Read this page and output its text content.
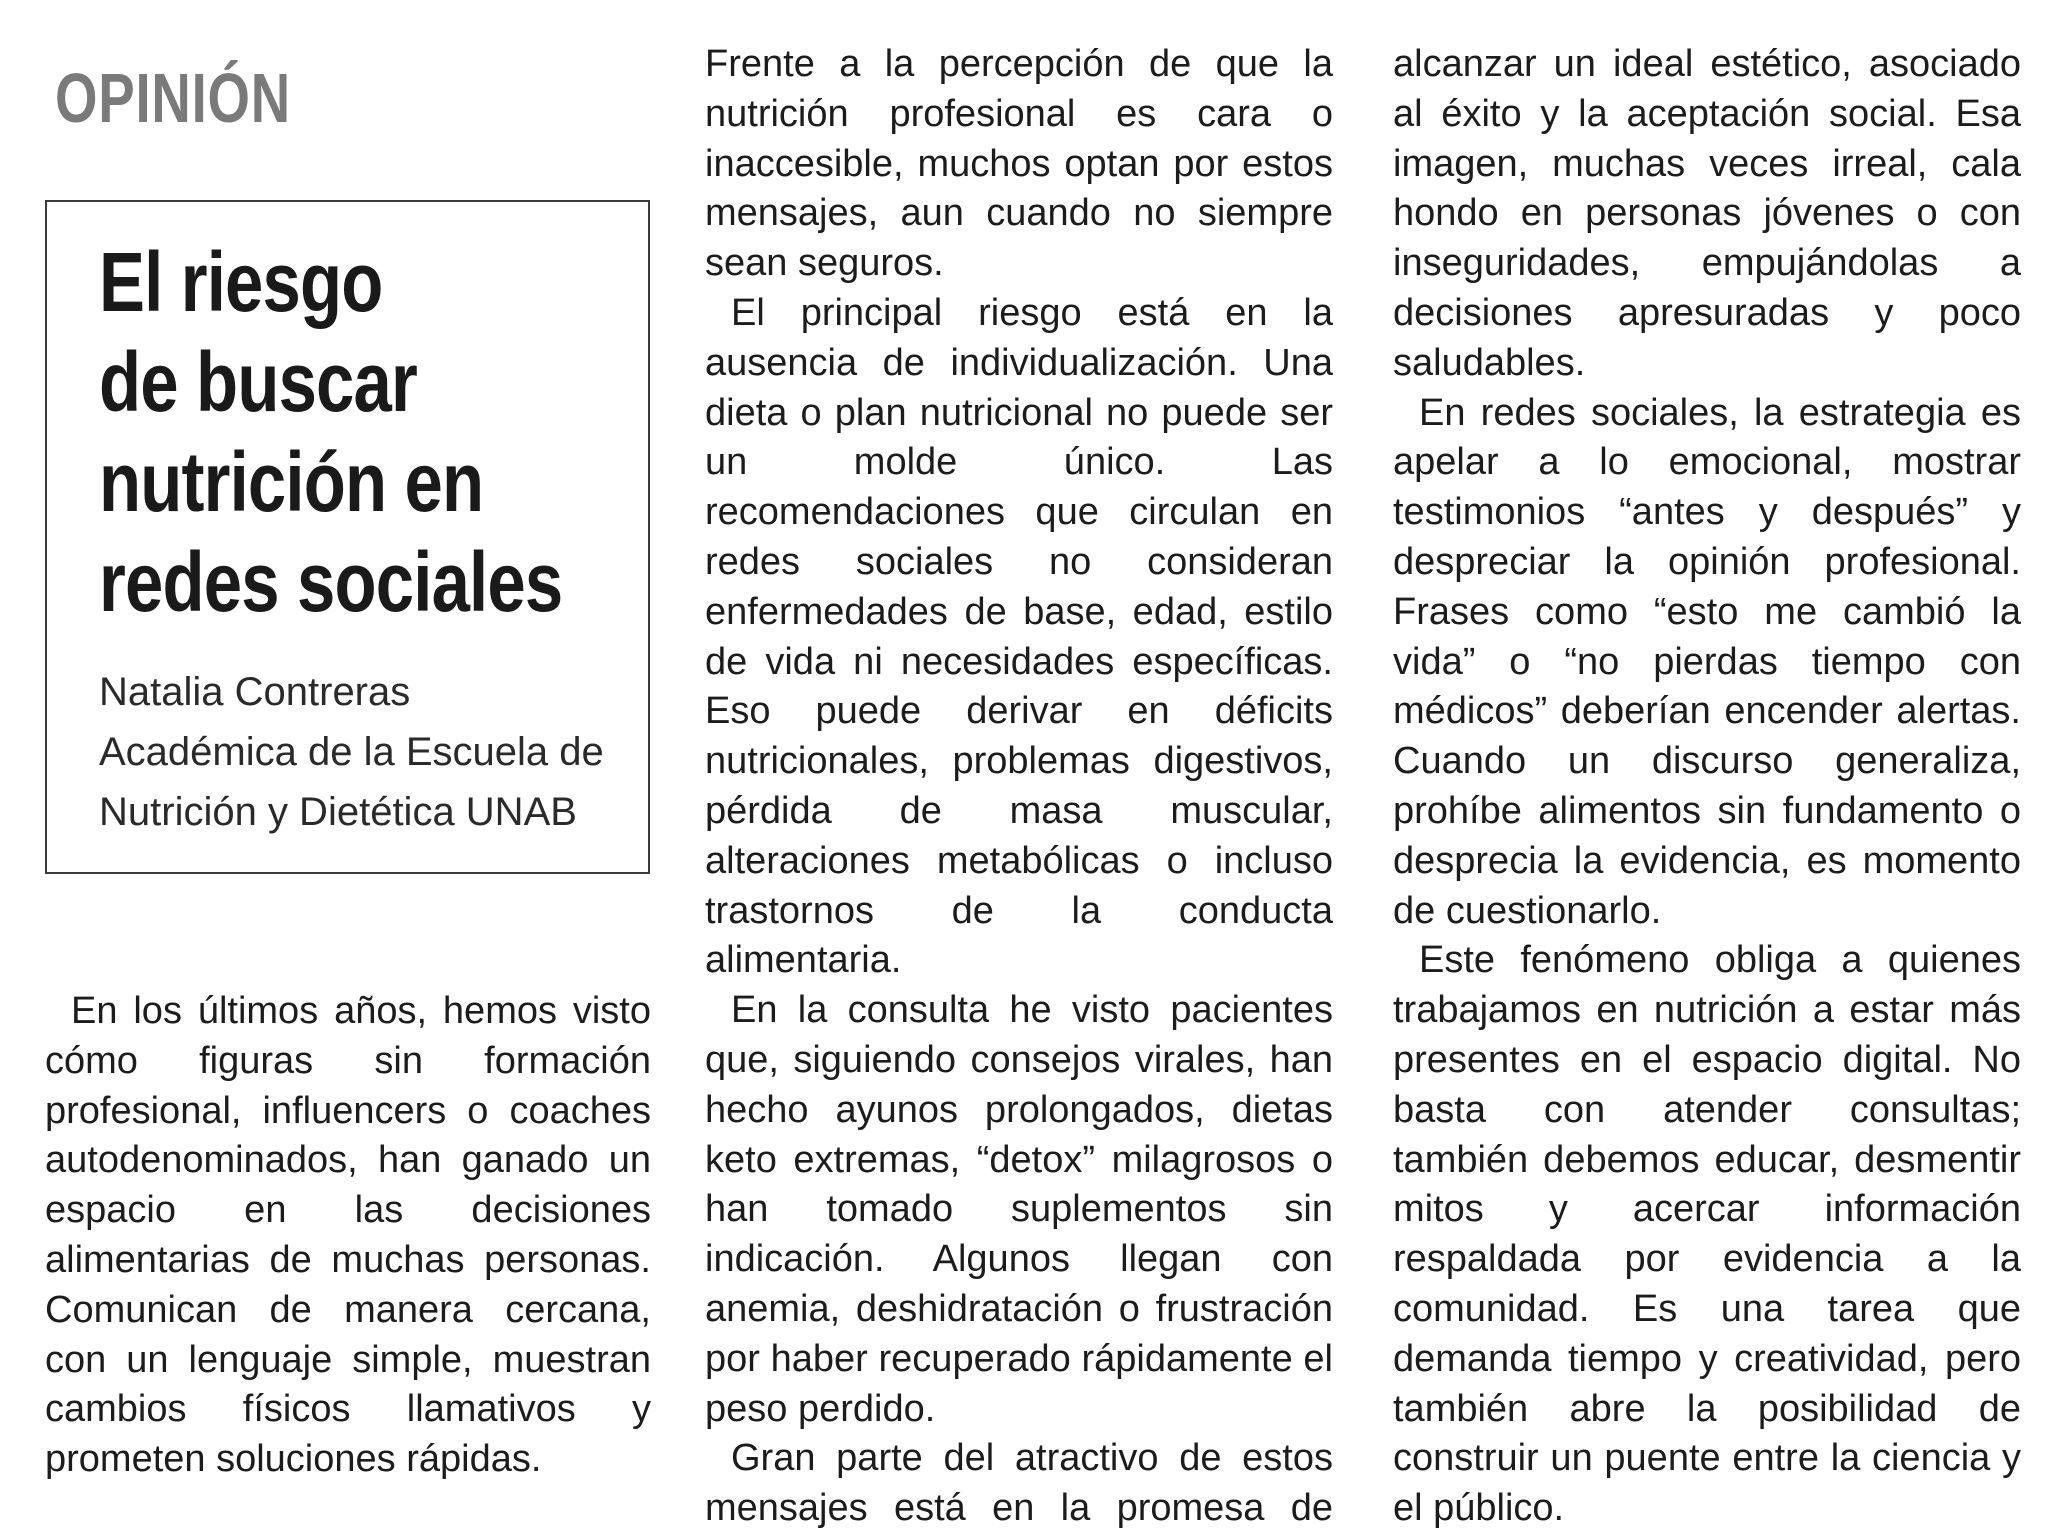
OPINIÓN
El riesgo
de buscar
nutrición en
redes sociales
Natalia Contreras
Académica de la Escuela de
Nutrición y Dietética UNAB

En los últimos años, hemos visto cómo figuras sin formación profesional, influencers o coaches autodenominados, han ganado un espacio en las decisiones alimentarias de muchas personas. Comunican de manera cercana, con un lenguaje simple, muestran cambios físicos llamativos y prometen soluciones rápidas.

Frente a la percepción de que la nutrición profesional es cara o inaccesible, muchos optan por estos mensajes, aun cuando no siempre sean seguros.

El principal riesgo está en la ausencia de individualización. Una dieta o plan nutricional no puede ser un molde único. Las recomendaciones que circulan en redes sociales no consideran enfermedades de base, edad, estilo de vida ni necesidades específicas. Eso puede derivar en déficits nutricionales, problemas digestivos, pérdida de masa muscular, alteraciones metabólicas o incluso trastornos de la conducta alimentaria.

En la consulta he visto pacientes que, siguiendo consejos virales, han hecho ayunos prolongados, dietas keto extremas, “detox” milagrosos o han tomado suplementos sin indicación. Algunos llegan con anemia, deshidratación o frustración por haber recuperado rápidamente el peso perdido.

Gran parte del atractivo de estos mensajes está en la promesa de

alcanzar un ideal estético, asociado al éxito y la aceptación social. Esa imagen, muchas veces irreal, cala hondo en personas jóvenes o con inseguridades, empujándolas a decisiones apresuradas y poco saludables.

En redes sociales, la estrategia es apelar a lo emocional, mostrar testimonios “antes y después” y despreciar la opinión profesional. Frases como “esto me cambió la vida” o “no pierdas tiempo con médicos” deberían encender alertas. Cuando un discurso generaliza, prohíbe alimentos sin fundamento o desprecia la evidencia, es momento de cuestionarlo.

Este fenómeno obliga a quienes trabajamos en nutrición a estar más presentes en el espacio digital. No basta con atender consultas; también debemos educar, desmentir mitos y acercar información respaldada por evidencia a la comunidad. Es una tarea que demanda tiempo y creatividad, pero también abre la posibilidad de construir un puente entre la ciencia y el público.
